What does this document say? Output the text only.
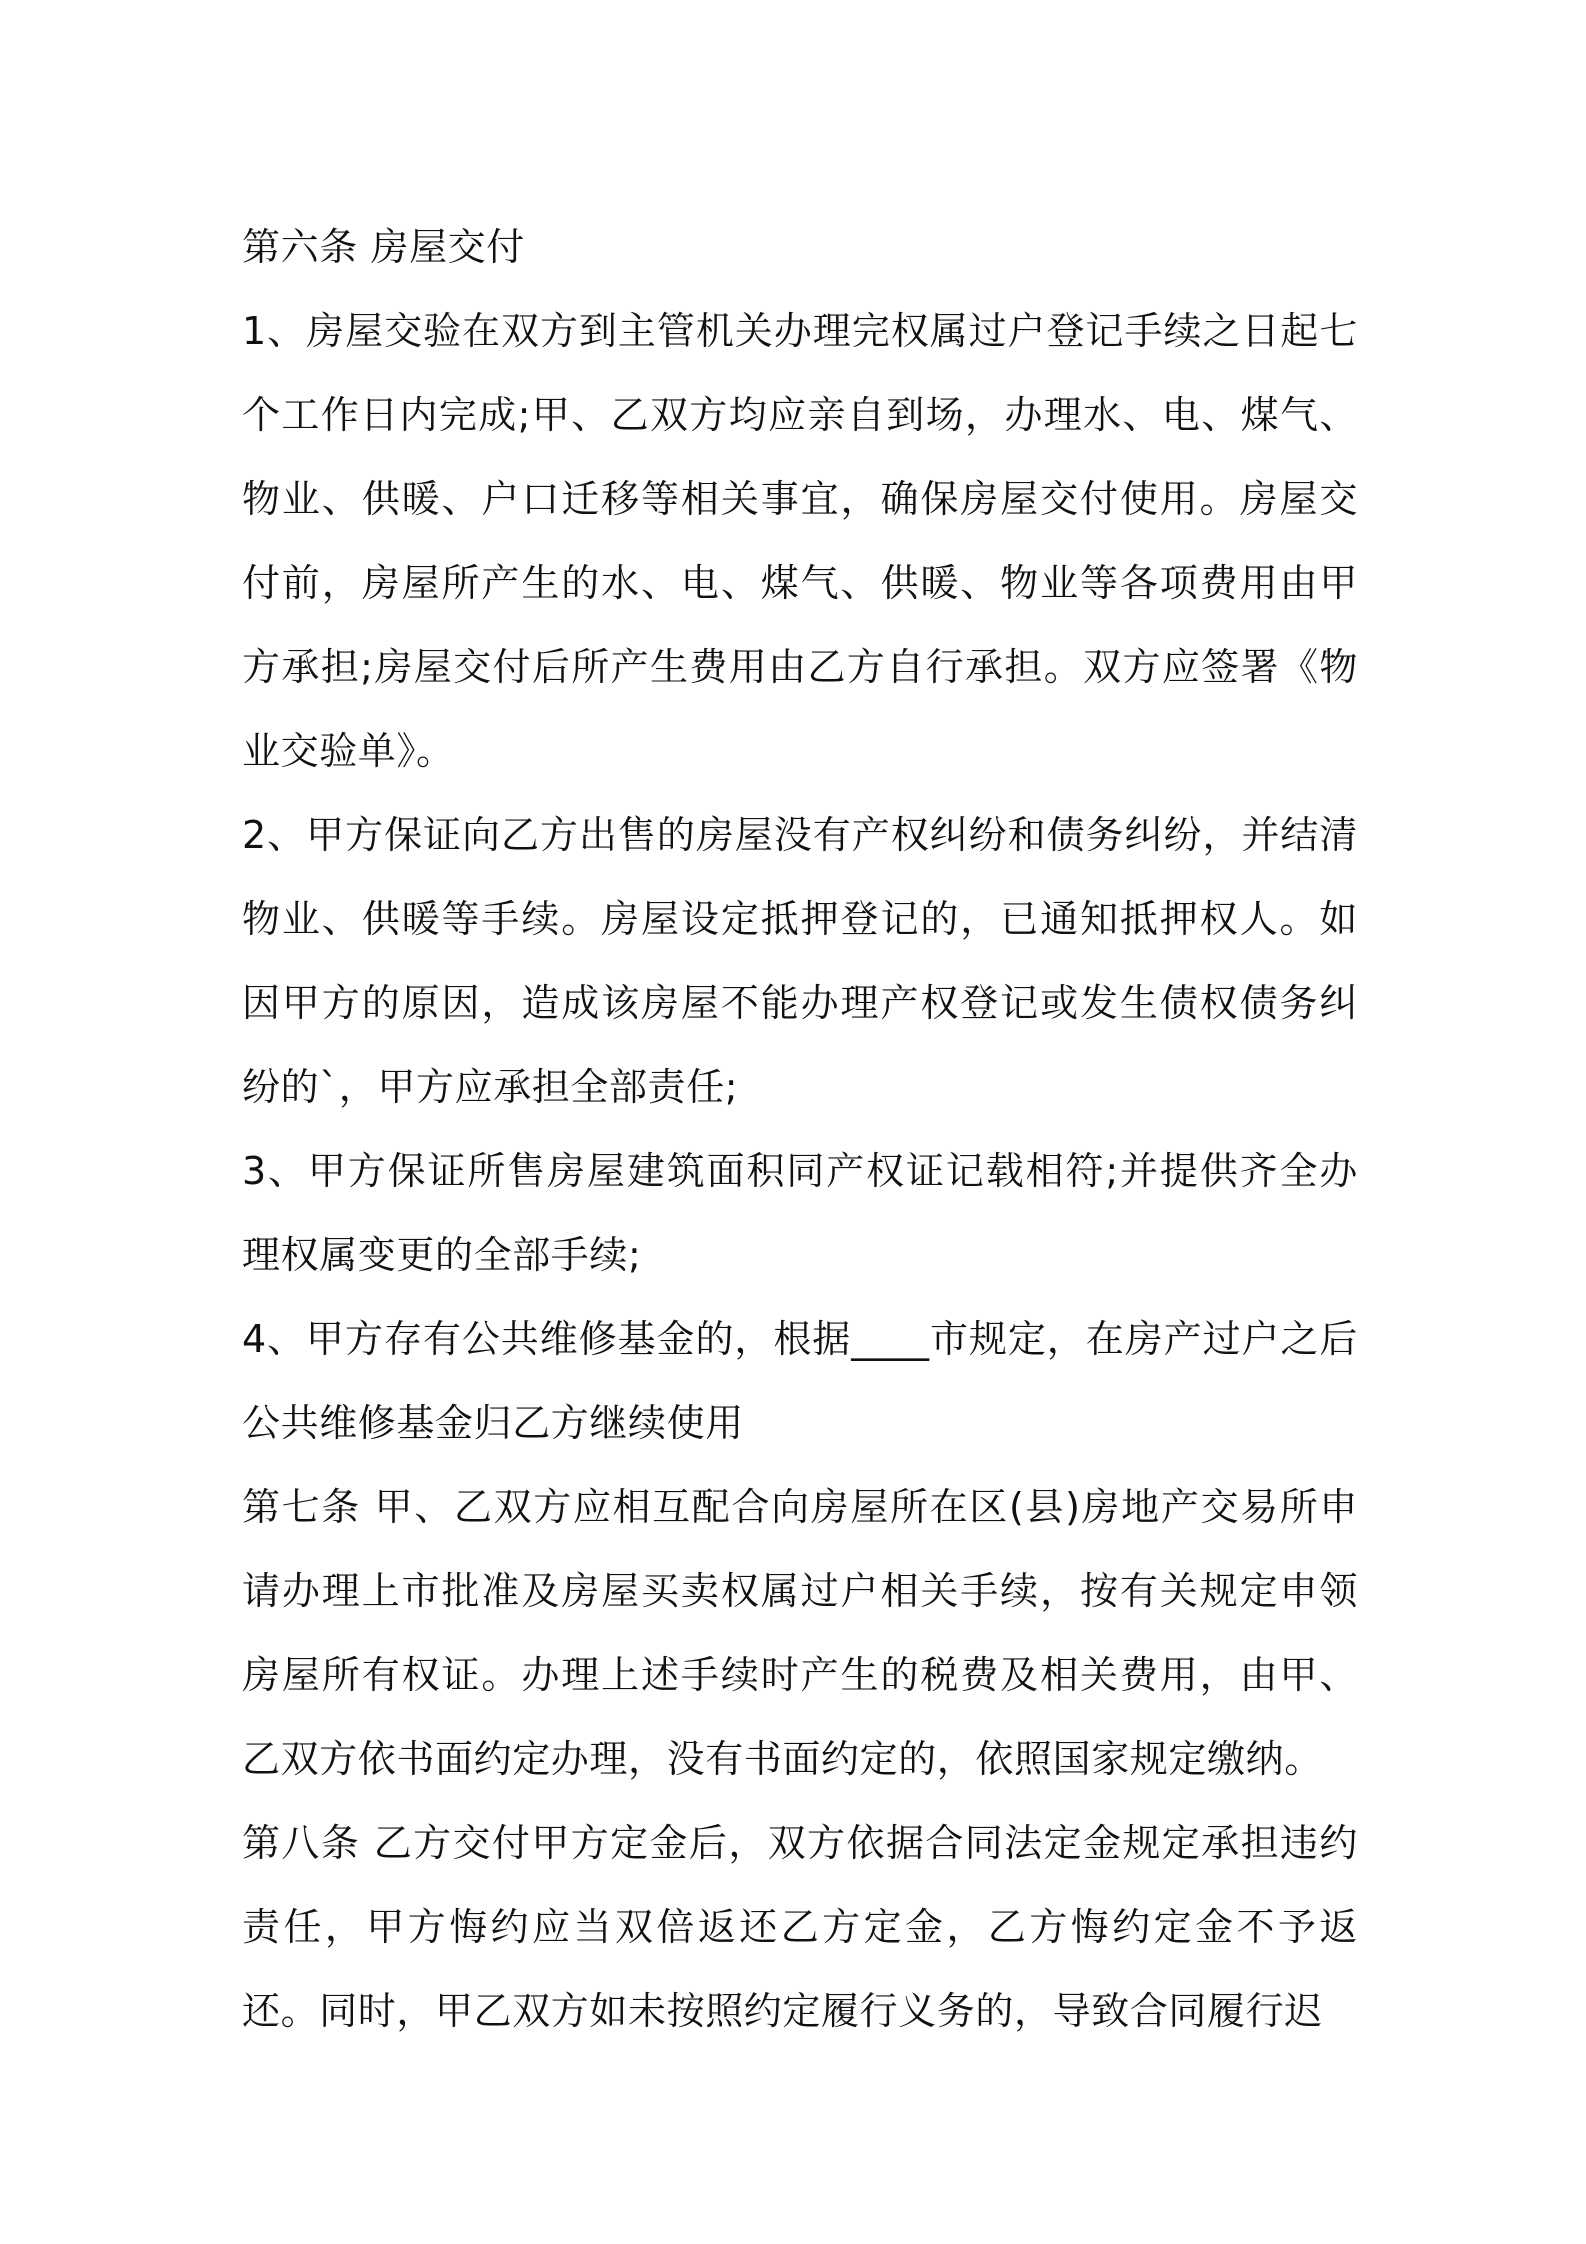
第六条 房屋交付

1、房屋交验在双方到主管机关办理完权属过户登记手续之日起七个工作日内完成;甲、乙双方均应亲自到场，办理水、电、煤气、物业、供暖、户口迁移等相关事宜，确保房屋交付使用。房屋交付前，房屋所产生的水、电、煤气、供暖、物业等各项费用由甲方承担;房屋交付后所产生费用由乙方自行承担。双方应签署《物业交验单》。

2、甲方保证向乙方出售的房屋没有产权纠纷和债务纠纷，并结清物业、供暖等手续。房屋设定抵押登记的，已通知抵押权人。如因甲方的原因，造成该房屋不能办理产权登记或发生债权债务纠纷的`，甲方应承担全部责任;

3、甲方保证所售房屋建筑面积同产权证记载相符;并提供齐全办理权属变更的全部手续;

4、甲方存有公共维修基金的，根据____市规定，在房产过户之后公共维修基金归乙方继续使用

第七条 甲、乙双方应相互配合向房屋所在区(县)房地产交易所申请办理上市批准及房屋买卖权属过户相关手续，按有关规定申领房屋所有权证。办理上述手续时产生的税费及相关费用，由甲、乙双方依书面约定办理，没有书面约定的，依照国家规定缴纳。

第八条 乙方交付甲方定金后，双方依据合同法定金规定承担违约责任，甲方悔约应当双倍返还乙方定金，乙方悔约定金不予返还。同时，甲乙双方如未按照约定履行义务的，导致合同履行迟
